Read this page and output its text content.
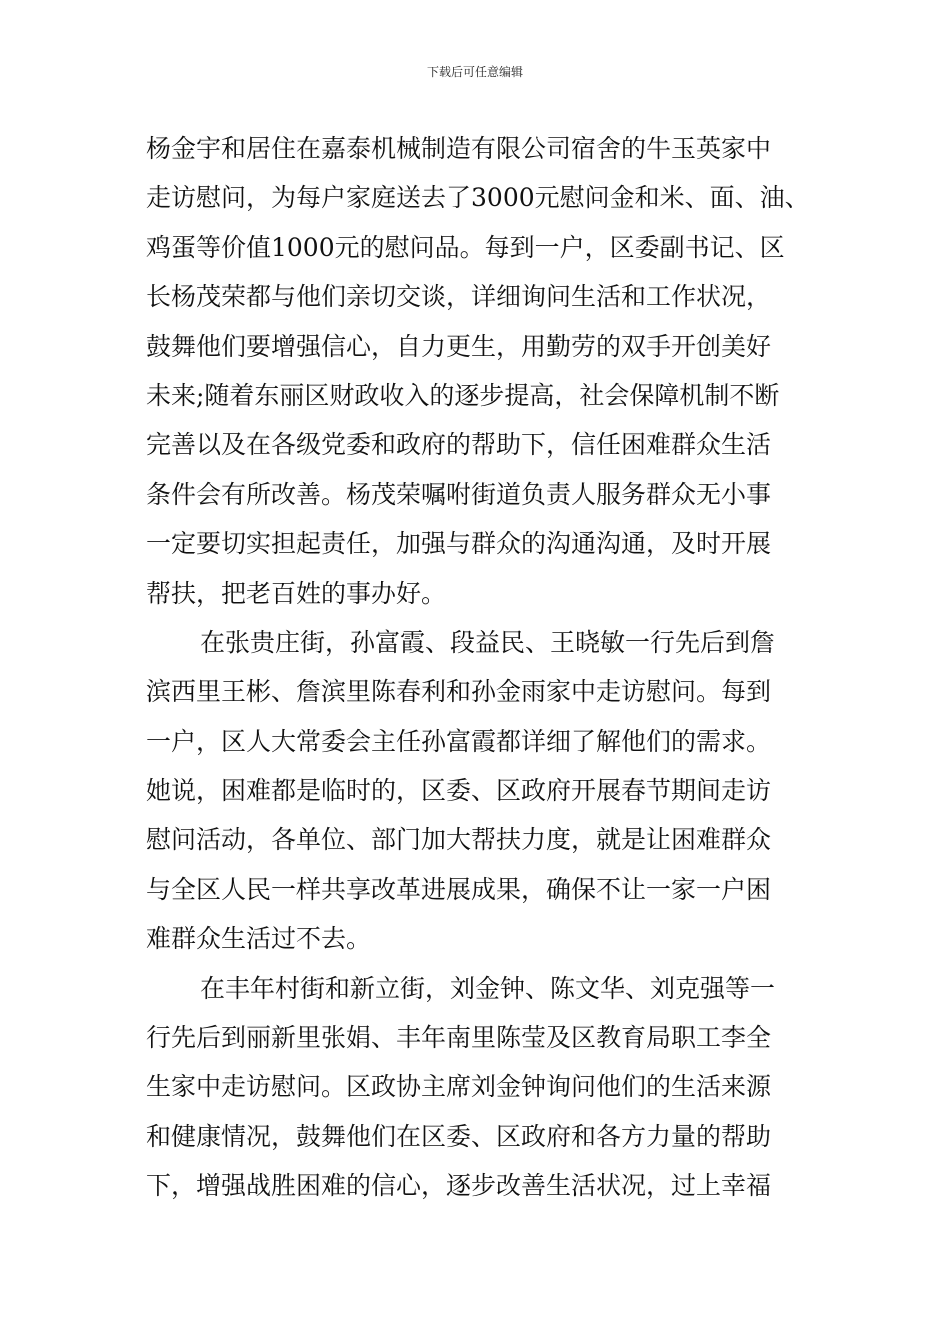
下载后可任意编辑
杨金宇和居住在嘉泰机械制造有限公司宿舍的牛玉英家中
走访慰问，为每户家庭送去了3000元慰问金和米、面、油、
鸡蛋等价值1000元的慰问品。每到一户，区委副书记、区
长杨茂荣都与他们亲切交谈，详细询问生活和工作状况，
鼓舞他们要增强信心，自力更生，用勤劳的双手开创美好
未来;随着东丽区财政收入的逐步提高，社会保障机制不断
完善以及在各级党委和政府的帮助下，信任困难群众生活
条件会有所改善。杨茂荣嘱咐街道负责人服务群众无小事
一定要切实担起责任，加强与群众的沟通沟通，及时开展
帮扶，把老百姓的事办好。
在张贵庄街，孙富霞、段益民、王晓敏一行先后到詹
滨西里王彬、詹滨里陈春利和孙金雨家中走访慰问。每到
一户，区人大常委会主任孙富霞都详细了解他们的需求。
她说，困难都是临时的，区委、区政府开展春节期间走访
慰问活动，各单位、部门加大帮扶力度，就是让困难群众
与全区人民一样共享改革进展成果，确保不让一家一户困
难群众生活过不去。
在丰年村街和新立街，刘金钟、陈文华、刘克强等一
行先后到丽新里张娟、丰年南里陈莹及区教育局职工李全
生家中走访慰问。区政协主席刘金钟询问他们的生活来源
和健康情况，鼓舞他们在区委、区政府和各方力量的帮助
下，增强战胜困难的信心，逐步改善生活状况，过上幸福
